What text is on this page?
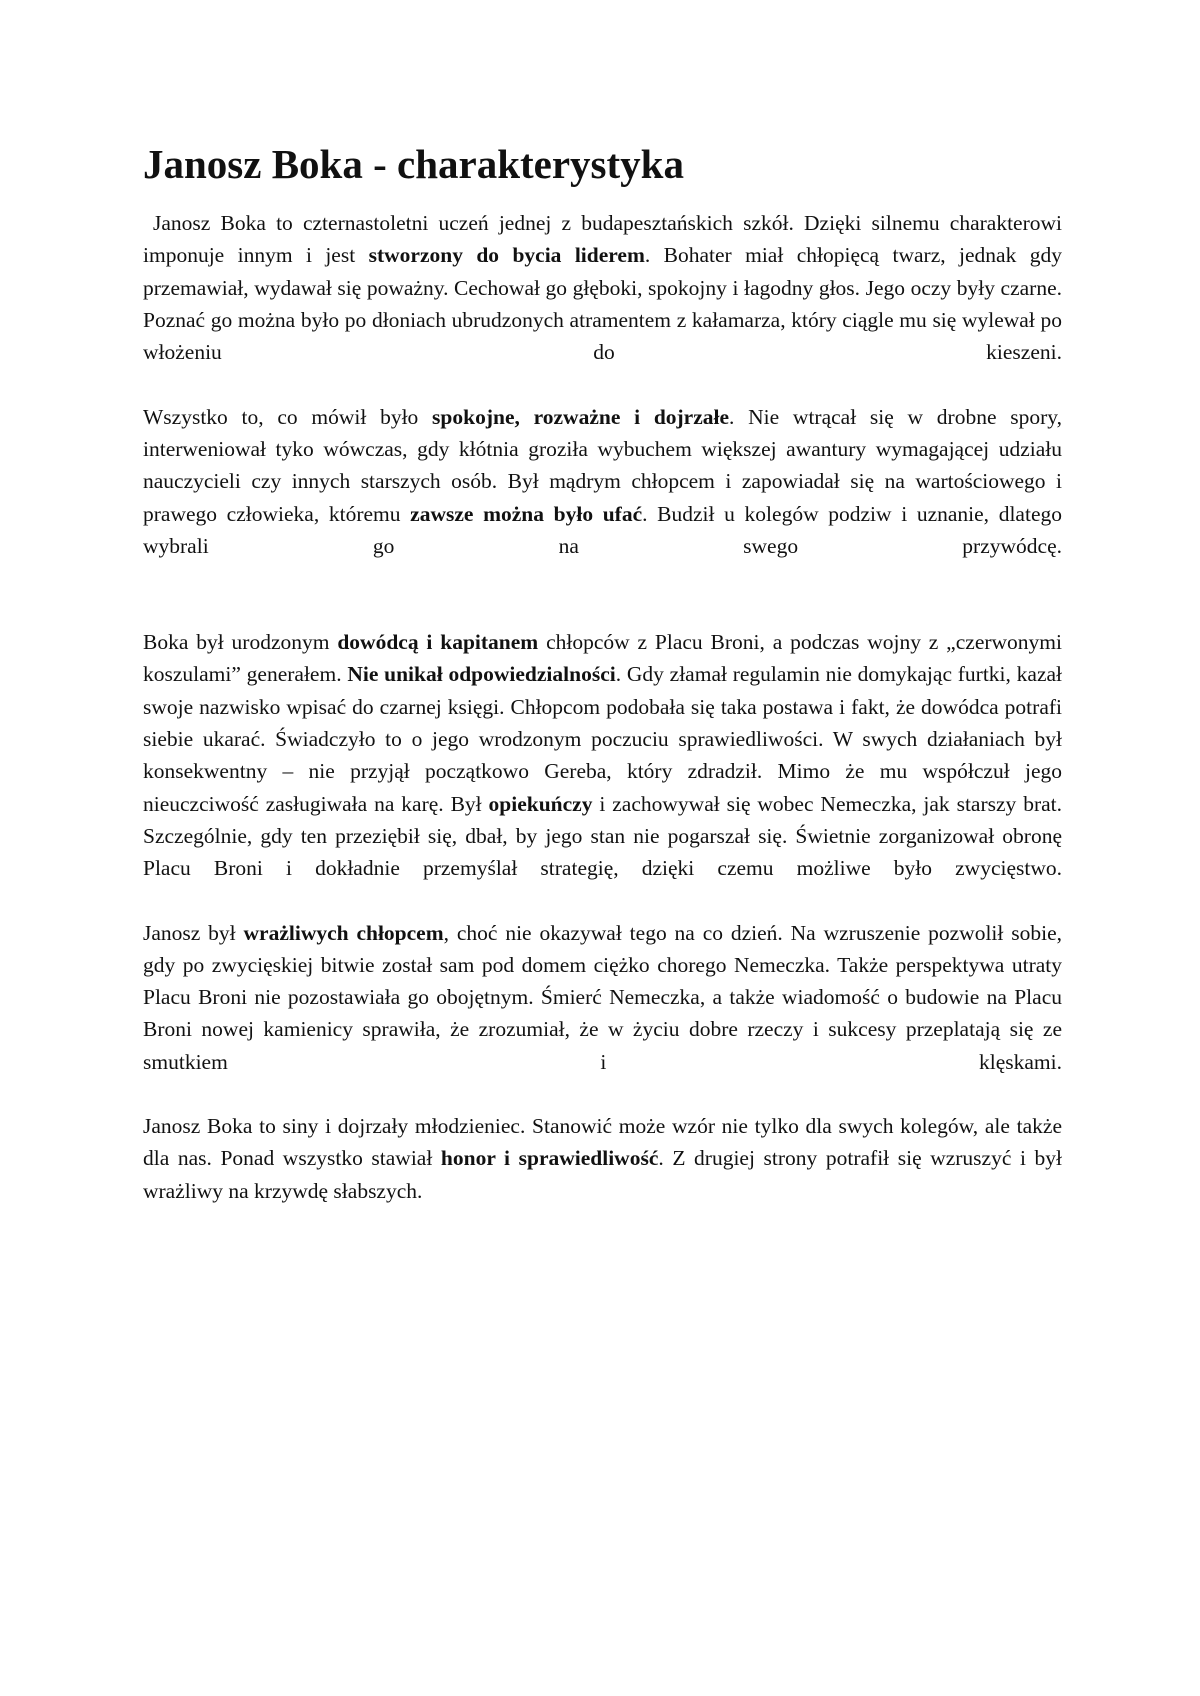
Janosz Boka - charakterystyka

Janosz Boka to czternastoletni uczeń jednej z budapesztańskich szkół. Dzięki silnemu charakterowi imponuje innym i jest stworzony do bycia liderem. Bohater miał chłopięcą twarz, jednak gdy przemawiał, wydawał się poważny. Cechował go głęboki, spokojny i łagodny głos. Jego oczy były czarne. Poznać go można było po dłoniach ubrudzonych atramentem z kałamarza, który ciągle mu się wylewał po włożeniu do kieszeni.

Wszystko to, co mówił było spokojne, rozważne i dojrzałe. Nie wtrącał się w drobne spory, interweniował tyko wówczas, gdy kłótnia groziła wybuchem większej awantury wymagającej udziału nauczycieli czy innych starszych osób. Był mądrym chłopcem i zapowiadał się na wartościowego i prawego człowieka, któremu zawsze można było ufać. Budził u kolegów podziw i uznanie, dlatego wybrali go na swego przywódcę.

Boka był urodzonym dowódcą i kapitanem chłopców z Placu Broni, a podczas wojny z „czerwonymi koszulami” generałem. Nie unikał odpowiedzialności. Gdy złamał regulamin nie domykając furtki, kazał swoje nazwisko wpisać do czarnej księgi. Chłopcom podobała się taka postawa i fakt, że dowódca potrafi siebie ukarać. Świadczyło to o jego wrodzonym poczuciu sprawiedliwości. W swych działaniach był konsekwentny – nie przyjął początkowo Gereba, który zdradził. Mimo że mu współczuł jego nieuczciwość zasługiwała na karę. Był opiekuńczy i zachowywał się wobec Nemeczka, jak starszy brat. Szczególnie, gdy ten przeziębił się, dbał, by jego stan nie pogarszał się. Świetnie zorganizował obronę Placu Broni i dokładnie przemyślał strategię, dzięki czemu możliwe było zwycięstwo.

Janosz był wrażliwych chłopcem, choć nie okazywał tego na co dzień. Na wzruszenie pozwolił sobie, gdy po zwycięskiej bitwie został sam pod domem ciężko chorego Nemeczka. Także perspektywa utraty Placu Broni nie pozostawiała go obojętnym. Śmierć Nemeczka, a także wiadomość o budowie na Placu Broni nowej kamienicy sprawiła, że zrozumiał, że w życiu dobre rzeczy i sukcesy przeplatają się ze smutkiem i klęskami.

Janosz Boka to siny i dojrzały młodzieniec. Stanowić może wzór nie tylko dla swych kolegów, ale także dla nas. Ponad wszystko stawiał honor i sprawiedliwość. Z drugiej strony potrafił się wzruszyć i był wrażliwy na krzywdę słabszych.
